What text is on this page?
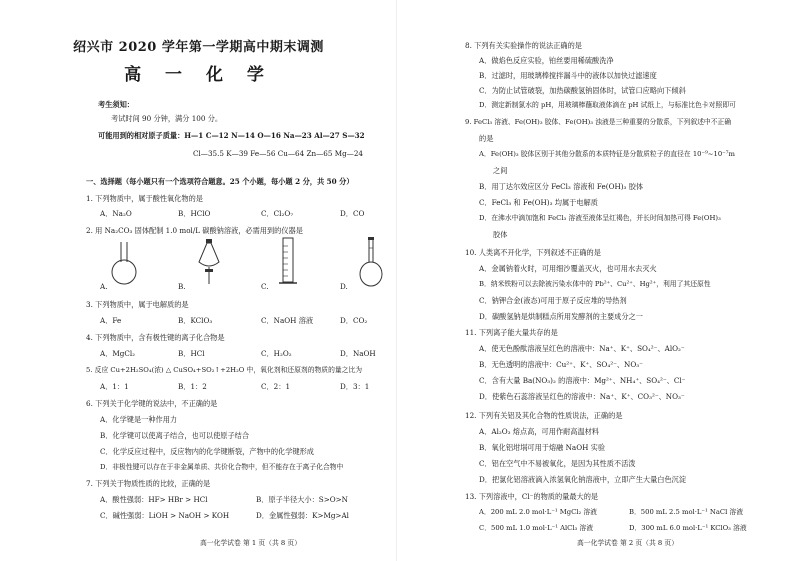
绍兴市 2020 学年第一学期高中期末调测
高 一 化 学
考生须知：
考试时间 90 分钟，满分 100 分。
可能用到的相对原子质量：H—1 C—12 N—14 O—16 Na—23 Al—27 S—32
Cl—35.5 K—39 Fe—56 Cu—64 Zn—65 Mg—24
一、选择题（每小题只有一个选项符合题意。25 个小题，每小题 2 分，共 50 分）
1. 下列物质中，属于酸性氧化物的是
A．Na₂O	B．HClO	C．Cl₂O₇	D．CO
2. 用 Na₂CO₃ 固体配制 1.0 mol/L 碳酸钠溶液，必需用到的仪器是
A.	B.	C.	D.
3. 下列物质中，属于电解质的是
A．Fe	B．KClO₃	C．NaOH 溶液	D．CO₂
4. 下列物质中，含有极性键的离子化合物是
A．MgCl₂	B．HCl	C．H₂O₂	D．NaOH
5. 反应 Cu+2H₂SO₄(浓) △ CuSO₄+SO₂↑+2H₂O 中，氧化剂和还原剂的物质的量之比为
A．1：1	B．1：2	C．2：1	D．3：1
6. 下列关于化学键的说法中，不正确的是
A．化学键是一种作用力
B．化学键可以使离子结合，也可以使原子结合
C．化学反应过程中，反应物内的化学键断裂，产物中的化学键形成
D．非极性键可以存在于非金属单质、共价化合物中，但不能存在于离子化合物中
7. 下列关于物质性质的比较，正确的是
A．酸性强弱：HF> HBr > HCl	B．原子半径大小：S>O>N
C．碱性强弱：LiOH > NaOH > KOH	D．金属性强弱：K>Mg>Al
高一化学试卷 第 1 页（共 8 页）
8. 下列有关实验操作的说法正确的是
A．做焰色反应实验，铂丝要用稀硫酸洗净
B．过滤时，用玻璃棒搅拌漏斗中的液体以加快过滤速度
C．为防止试管破裂，加热碳酸氢钠固体时，试管口应略向下倾斜
D．测定新制氯水的 pH，用玻璃棒蘸取液体滴在 pH 试纸上，与标准比色卡对照即可
9. FeCl₃ 溶液、Fe(OH)₃ 胶体、Fe(OH)₃ 浊液是三种重要的分散系，下列叙述中不正确
的是
A．Fe(OH)₃ 胶体区别于其他分散系的本质特征是分散质粒子的直径在 10⁻⁹~10⁻⁷m
之间
B．用丁达尔效应区分 FeCl₃ 溶液和 Fe(OH)₃ 胶体
C．FeCl₃ 和 Fe(OH)₃ 均属于电解质
D．在沸水中滴加饱和 FeCl₃ 溶液至液体呈红褐色，并长时间加热可得 Fe(OH)₃
胶体
10. 人类离不开化学，下列叙述不正确的是
A．金属钠着火时，可用细沙覆盖灭火，也可用水去灭火
B．纳米铁粉可以去除被污染水体中的 Pb²⁺、Cu²⁺、Hg²⁺，利用了其还原性
C．钠钾合金(液态)可用于原子反应堆的导热剂
D．碳酸氢钠是烘制糕点所用发酵剂的主要成分之一
11. 下列离子能大量共存的是
A．使无色酚酞溶液呈红色的溶液中：Na⁺、K⁺、SO₄²⁻、AlO₂⁻
B．无色透明的溶液中：Cu²⁺、K⁺、SO₄²⁻、NO₃⁻
C．含有大量 Ba(NO₃)₂ 的溶液中：Mg²⁺、NH₄⁺、SO₄²⁻、Cl⁻
D．使紫色石蕊溶液呈红色的溶液中：Na⁺、K⁺、CO₃²⁻、NO₃⁻
12. 下列有关铝及其化合物的性质说法，正确的是
A．Al₂O₃ 熔点高，可用作耐高温材料
B．氧化铝坩埚可用于熔融 NaOH 实验
C．铝在空气中不易被氧化，是因为其性质不活泼
D．把氯化铝溶液滴入浓氢氧化钠溶液中，立即产生大量白色沉淀
13. 下列溶液中，Cl⁻的物质的量最大的是
A．200 mL 2.0 mol·L⁻¹ MgCl₂ 溶液	B．500 mL 2.5 mol·L⁻¹ NaCl 溶液
C．500 mL 1.0 mol·L⁻¹ AlCl₃ 溶液	D．300 mL 6.0 mol·L⁻¹ KClO₃ 溶液
高一化学试卷 第 2 页（共 8 页）
